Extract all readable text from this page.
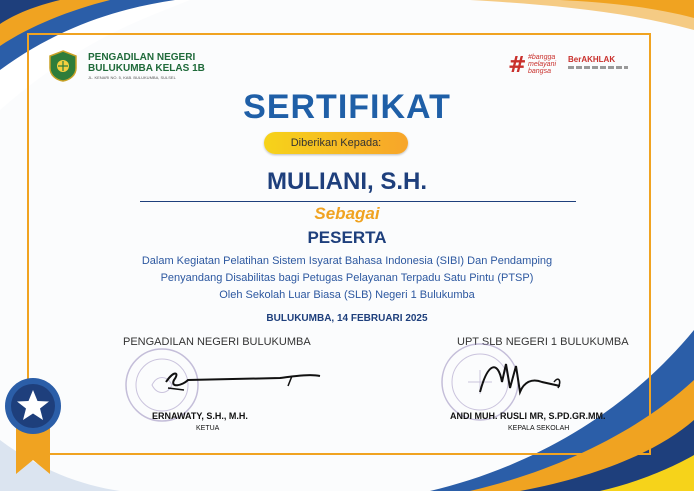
PENGADILAN NEGERI BULUKUMBA KELAS 1B
JL. KENARI NO. 5, KAB. BULUKUMBA, SULSEL	# #bangga melayani bangsa
BerAKHLAK
SERTIFIKAT
Diberikan Kepada:
MULIANI, S.H.
Sebagai
PESERTA
Dalam Kegiatan Pelatihan Sistem Isyarat Bahasa Indonesia (SIBI) Dan Pendamping
Penyandang Disabilitas bagi Petugas Pelayanan Terpadu Satu Pintu (PTSP)
Oleh Sekolah Luar Biasa (SLB) Negeri 1 Bulukumba
BULUKUMBA, 14 FEBRUARI 2025
PENGADILAN NEGERI BULUKUMBA
ERNAWATY, S.H., M.H.
KETUA
UPT SLB NEGERI 1 BULUKUMBA
ANDI MUH. RUSLI MR, S.PD.GR.MM.
KEPALA SEKOLAH
